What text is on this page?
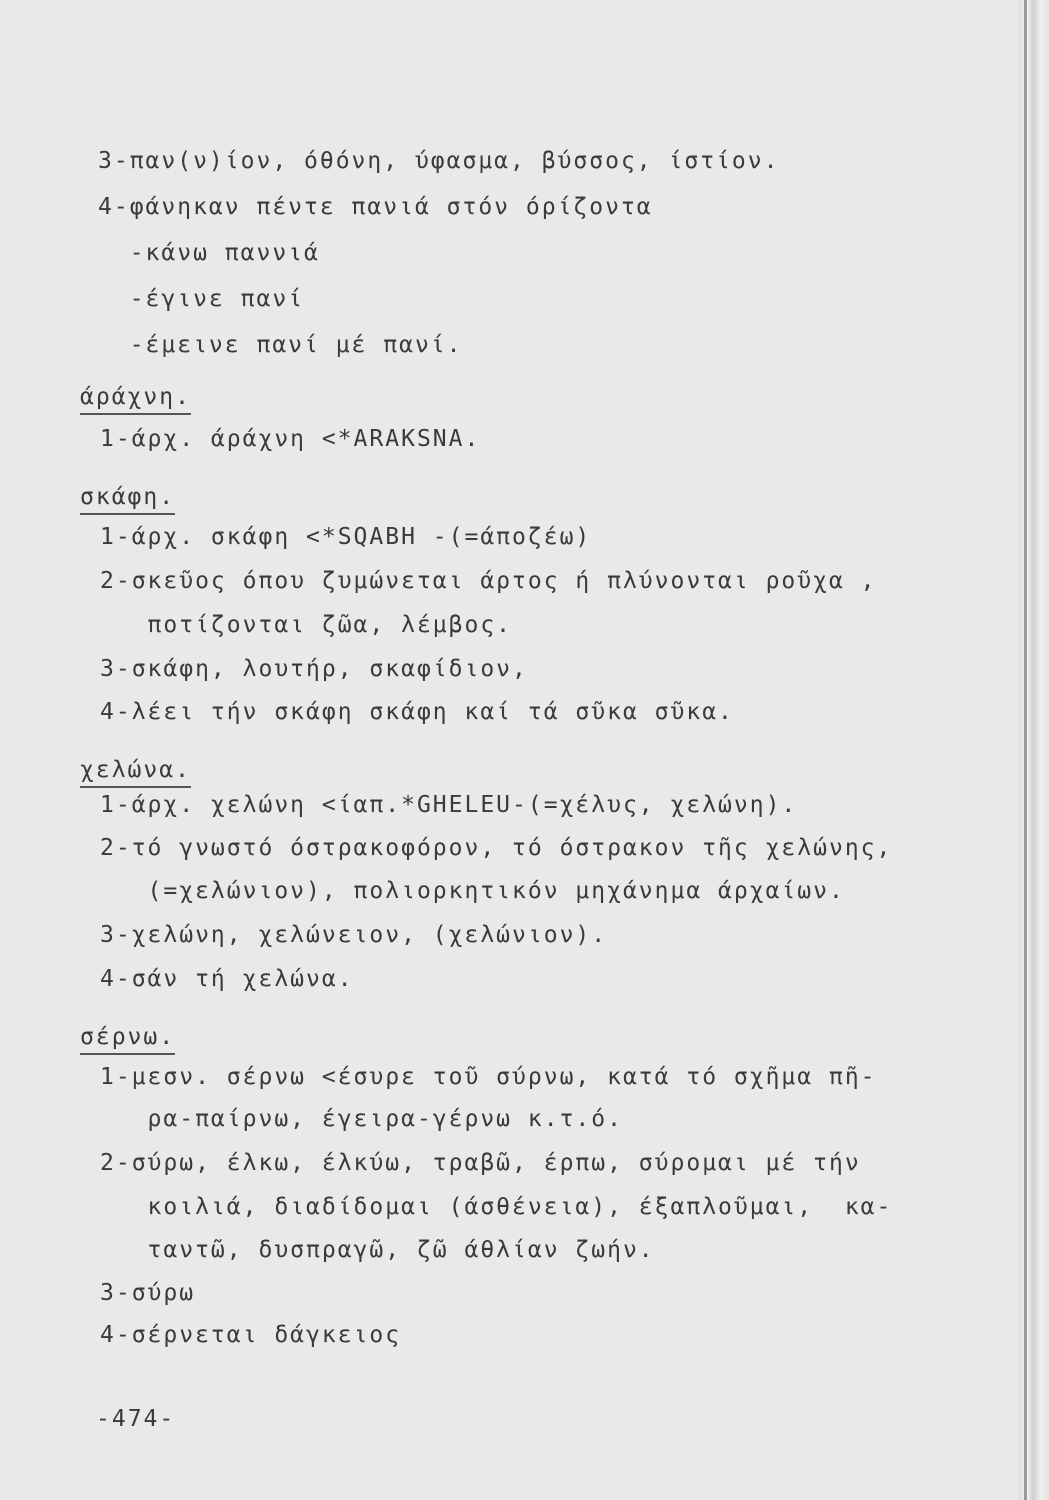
3-παν(ν)ίον, όθόνη, ύφασμα, βύσσος, ίστίον.
4-φάνηκαν πέντε πανιά στόν όρίζοντα
-κάνω παννιά
-έγινε πανί
-έμεινε πανί μέ πανί.
άράχνη.
1-άρχ. άράχνη <*ARAKSNA.
σκάφη.
1-άρχ. σκάφη <*SQABH -(=άποζέω)
2-σκεῦος όπου ζυμώνεται άρτος ή πλύνονται ροῦχα ,
ποτίζονται ζῶα, λέμβος.
3-σκάφη, λουτήρ, σκαφίδιον,
4-λέει τήν σκάφη σκάφη καί τά σῦκα σῦκα.
χελώνα.
1-άρχ. χελώνη <ίαπ.*GHELEU-(=χέλυς, χελώνη).
2-τό γνωστό όστρακοφόρον, τό όστρακον τῆς χελώνης,
(=χελώνιον), πολιορκητικόν μηχάνημα άρχαίων.
3-χελώνη, χελώνειον, (χελώνιον).
4-σάν τή χελώνα.
σέρνω.
1-μεσν. σέρνω <έσυρε τοῦ σύρνω, κατά τό σχῆμα πῆ-
ρα-παίρνω, έγειρα-γέρνω κ.τ.ό.
2-σύρω, έλκω, έλκύω, τραβῶ, έρπω, σύρομαι μέ τήν
κοιλιά, διαδίδομαι (άσθένεια), έξαπλοῦμαι,  κα-
ταντῶ, δυσπραγῶ, ζῶ άθλίαν ζωήν.
3-σύρω
4-σέρνεται δάγκειος
-474-
